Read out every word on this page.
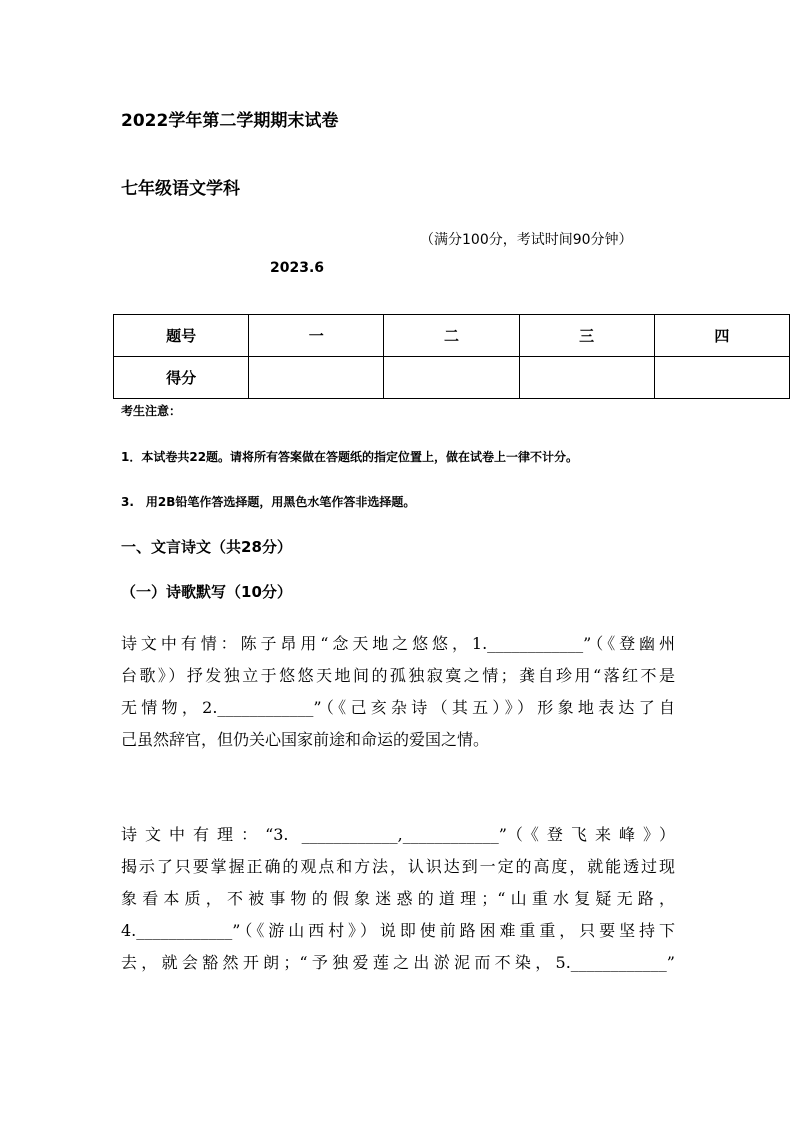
2022学年第二学期期末试卷
七年级语文学科
（满分100分，考试时间90分钟）
2023.6
题号	一	二	三	四
得分				
考生注意：
1．本试卷共22题。请将所有答案做在答题纸的指定位置上，做在试卷上一律不计分。
3.　用2B铅笔作答选择题，用黑色水笔作答非选择题。
一、文言诗文（共28分）
（一）诗歌默写（10分）
诗文中有情：陈子昂用“念天地之悠悠，1.____________”（《登幽州
台歌》）抒发独立于悠悠天地间的孤独寂寞之情；龚自珍用“落红不是
无情物，2.____________”（《己亥杂诗（其五）》）形象地表达了自
己虽然辞官，但仍关心国家前途和命运的爱国之情。
诗文中有理：“3. ____________,____________”（《登飞来峰》）
揭示了只要掌握正确的观点和方法，认识达到一定的高度，就能透过现
象看本质，不被事物的假象迷惑的道理；“山重水复疑无路，
4.____________”（《游山西村》）说即使前路困难重重，只要坚持下
去，就会豁然开朗；“予独爱莲之出淤泥而不染，5.____________”
